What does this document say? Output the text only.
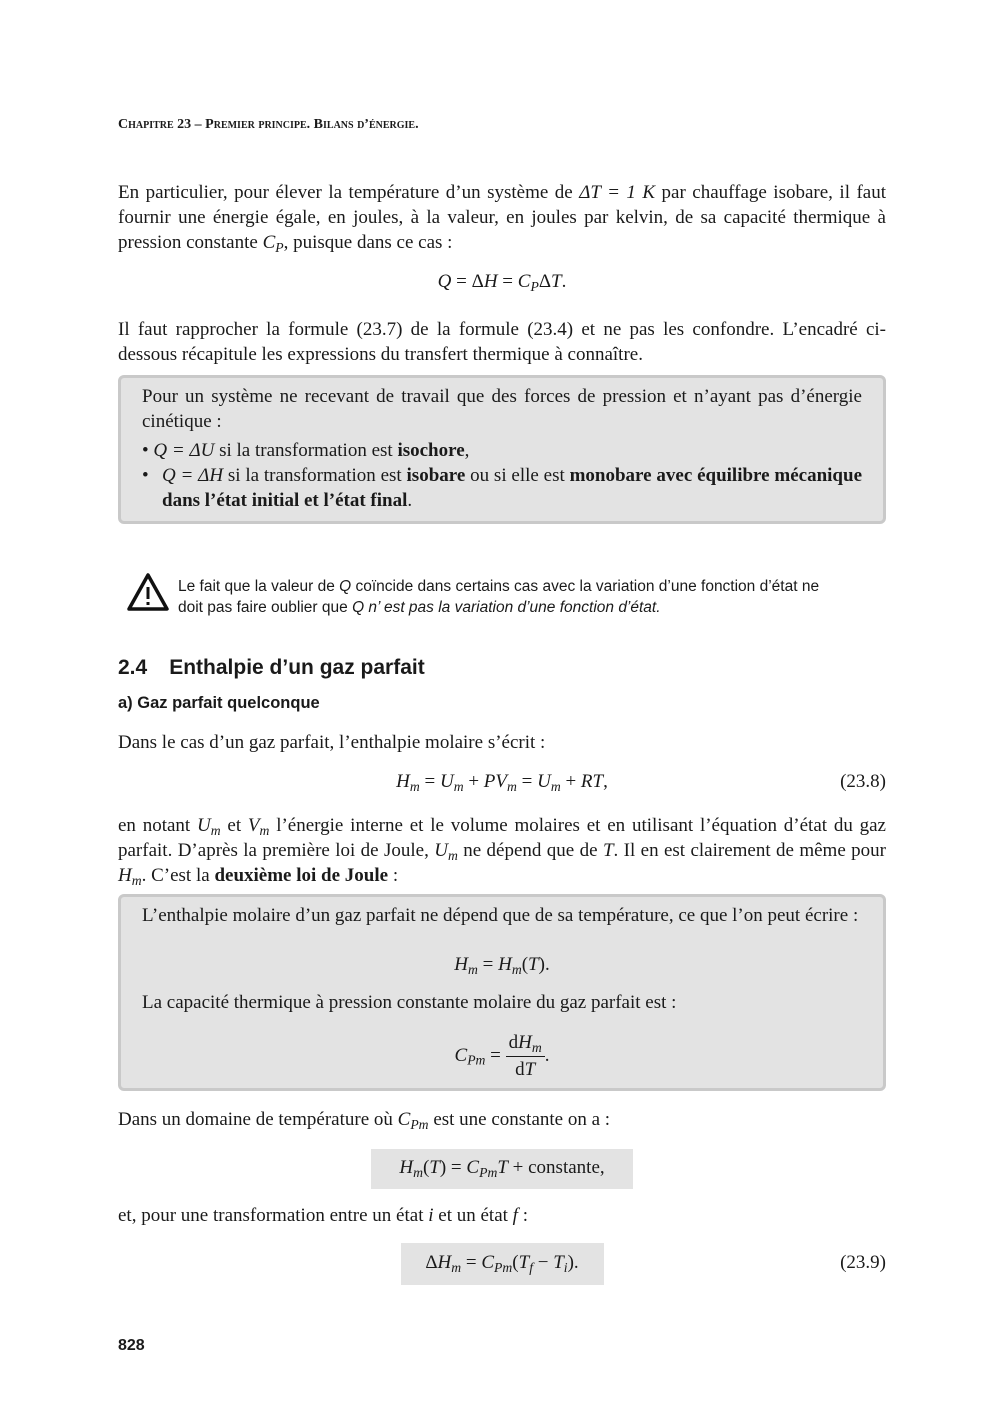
Chapitre 23 – Premier principe. Bilans d’énergie.
En particulier, pour élever la température d’un système de ΔT = 1 K par chauffage isobare, il faut fournir une énergie égale, en joules, à la valeur, en joules par kelvin, de sa capacité thermique à pression constante $C_P$, puisque dans ce cas :
$Q = \Delta H = C_P\Delta T$.
Il faut rapprocher la formule (23.7) de la formule (23.4) et ne pas les confondre. L’encadré ci-dessous récapitule les expressions du transfert thermique à connaître.
Pour un système ne recevant de travail que des forces de pression et n’ayant pas d’énergie cinétique :
• Q = ΔU si la transformation est isochore,
• Q = ΔH si la transformation est isobare ou si elle est monobare avec équilibre mécanique dans l’état initial et l’état final.
Le fait que la valeur de Q coïncide dans certains cas avec la variation d’une fonction d’état ne
doit pas faire oublier que Q n’ est pas la variation d’une fonction d’état.
2.4 Enthalpie d’un gaz parfait
a) Gaz parfait quelconque
Dans le cas d’un gaz parfait, l’enthalpie molaire s’écrit :
$H_m = U_m + PV_m = U_m$ + RT,	(23.8)
en notant $U_m$ et $V_m$ l’énergie interne et le volume molaires et en utilisant l’équation d’état du gaz parfait. D’après la première loi de Joule, $U_m$ ne dépend que de T. Il en est clairement de même pour $H_m$. C’est la deuxième loi de Joule :
L’enthalpie molaire d’un gaz parfait ne dépend que de sa température, ce que l’on peut écrire :
$H_m = H_m(T)$.
La capacité thermique à pression constante molaire du gaz parfait est :
$C_{Pm} = \frac{dH_m}{dT}$ .
Dans un domaine de température où $C_{Pm}$ est une constante on a :
$H_m(T) = C_{Pm}T$ + constante,
et, pour une transformation entre un état i et un état f :
$\Delta H_m = C_{Pm}(T_f - T_i)$.	(23.9)
828
